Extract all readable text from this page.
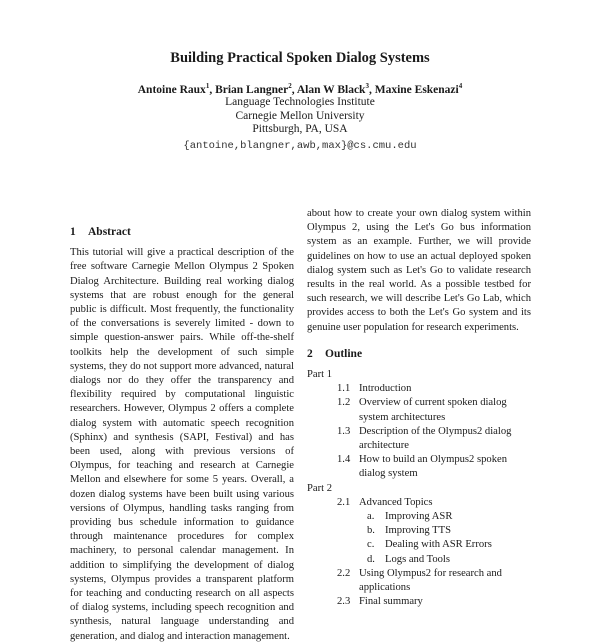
Building Practical Spoken Dialog Systems
Antoine Raux$^1$, Brian Langner$^2$, Alan W Black$^3$, Maxine Eskenazi$^4$
Language Technologies Institute
Carnegie Mellon University
Pittsburgh, PA, USA
{antoine,blangner,awb,max}@cs.cmu.edu
1 Abstract

This tutorial will give a practical description of the free software Carnegie Mellon Olympus 2 Spoken Dialog Architecture. Building real working dialog systems that are robust enough for the general public is difficult. Most frequently, the functionality of the conversations is severely limited - down to simple question-answer pairs. While off-the-shelf toolkits help the development of such simple systems, they do not support more advanced, natural dialogs nor do they offer the transparency and flexibility required by computational linguistic researchers. However, Olympus 2 offers a complete dialog system with automatic speech recognition (Sphinx) and synthesis (SAPI, Festival) and has been used, along with previous versions of Olympus, for teaching and research at Carnegie Mellon and elsewhere for some 5 years. Overall, a dozen dialog systems have been built using various versions of Olympus, handling tasks ranging from providing bus schedule information to guidance through maintenance procedures for complex machinery, to personal calendar management. In addition to simplifying the development of dialog systems, Olympus provides a transparent platform for teaching and conducting research on all aspects of dialog systems, including speech recognition and synthesis, natural language understanding and generation, and dialog and interaction management.

about how to create your own dialog system within Olympus 2, using the Let's Go bus information system as an example. Further, we will provide guidelines on how to use an actual deployed spoken dialog system such as Let's Go to validate research results in the real world. As a possible testbed for such research, we will describe Let's Go Lab, which provides access to both the Let's Go system and its genuine user population for research experiments.

2 Outline

Part 1

1.1 Introduction
1.2 Overview of current spoken dialog system architectures
1.3 Description of the Olympus2 dialog architecture
1.4 How to build an Olympus2 spoken dialog system

Part 2

2.1 Advanced Topics
a.	Improving ASR
b. Improving TTS
c.	Dealing with ASR Errors
d. Logs and Tools
2.2 Using Olympus2 for research and applications
2.3 Final summary
